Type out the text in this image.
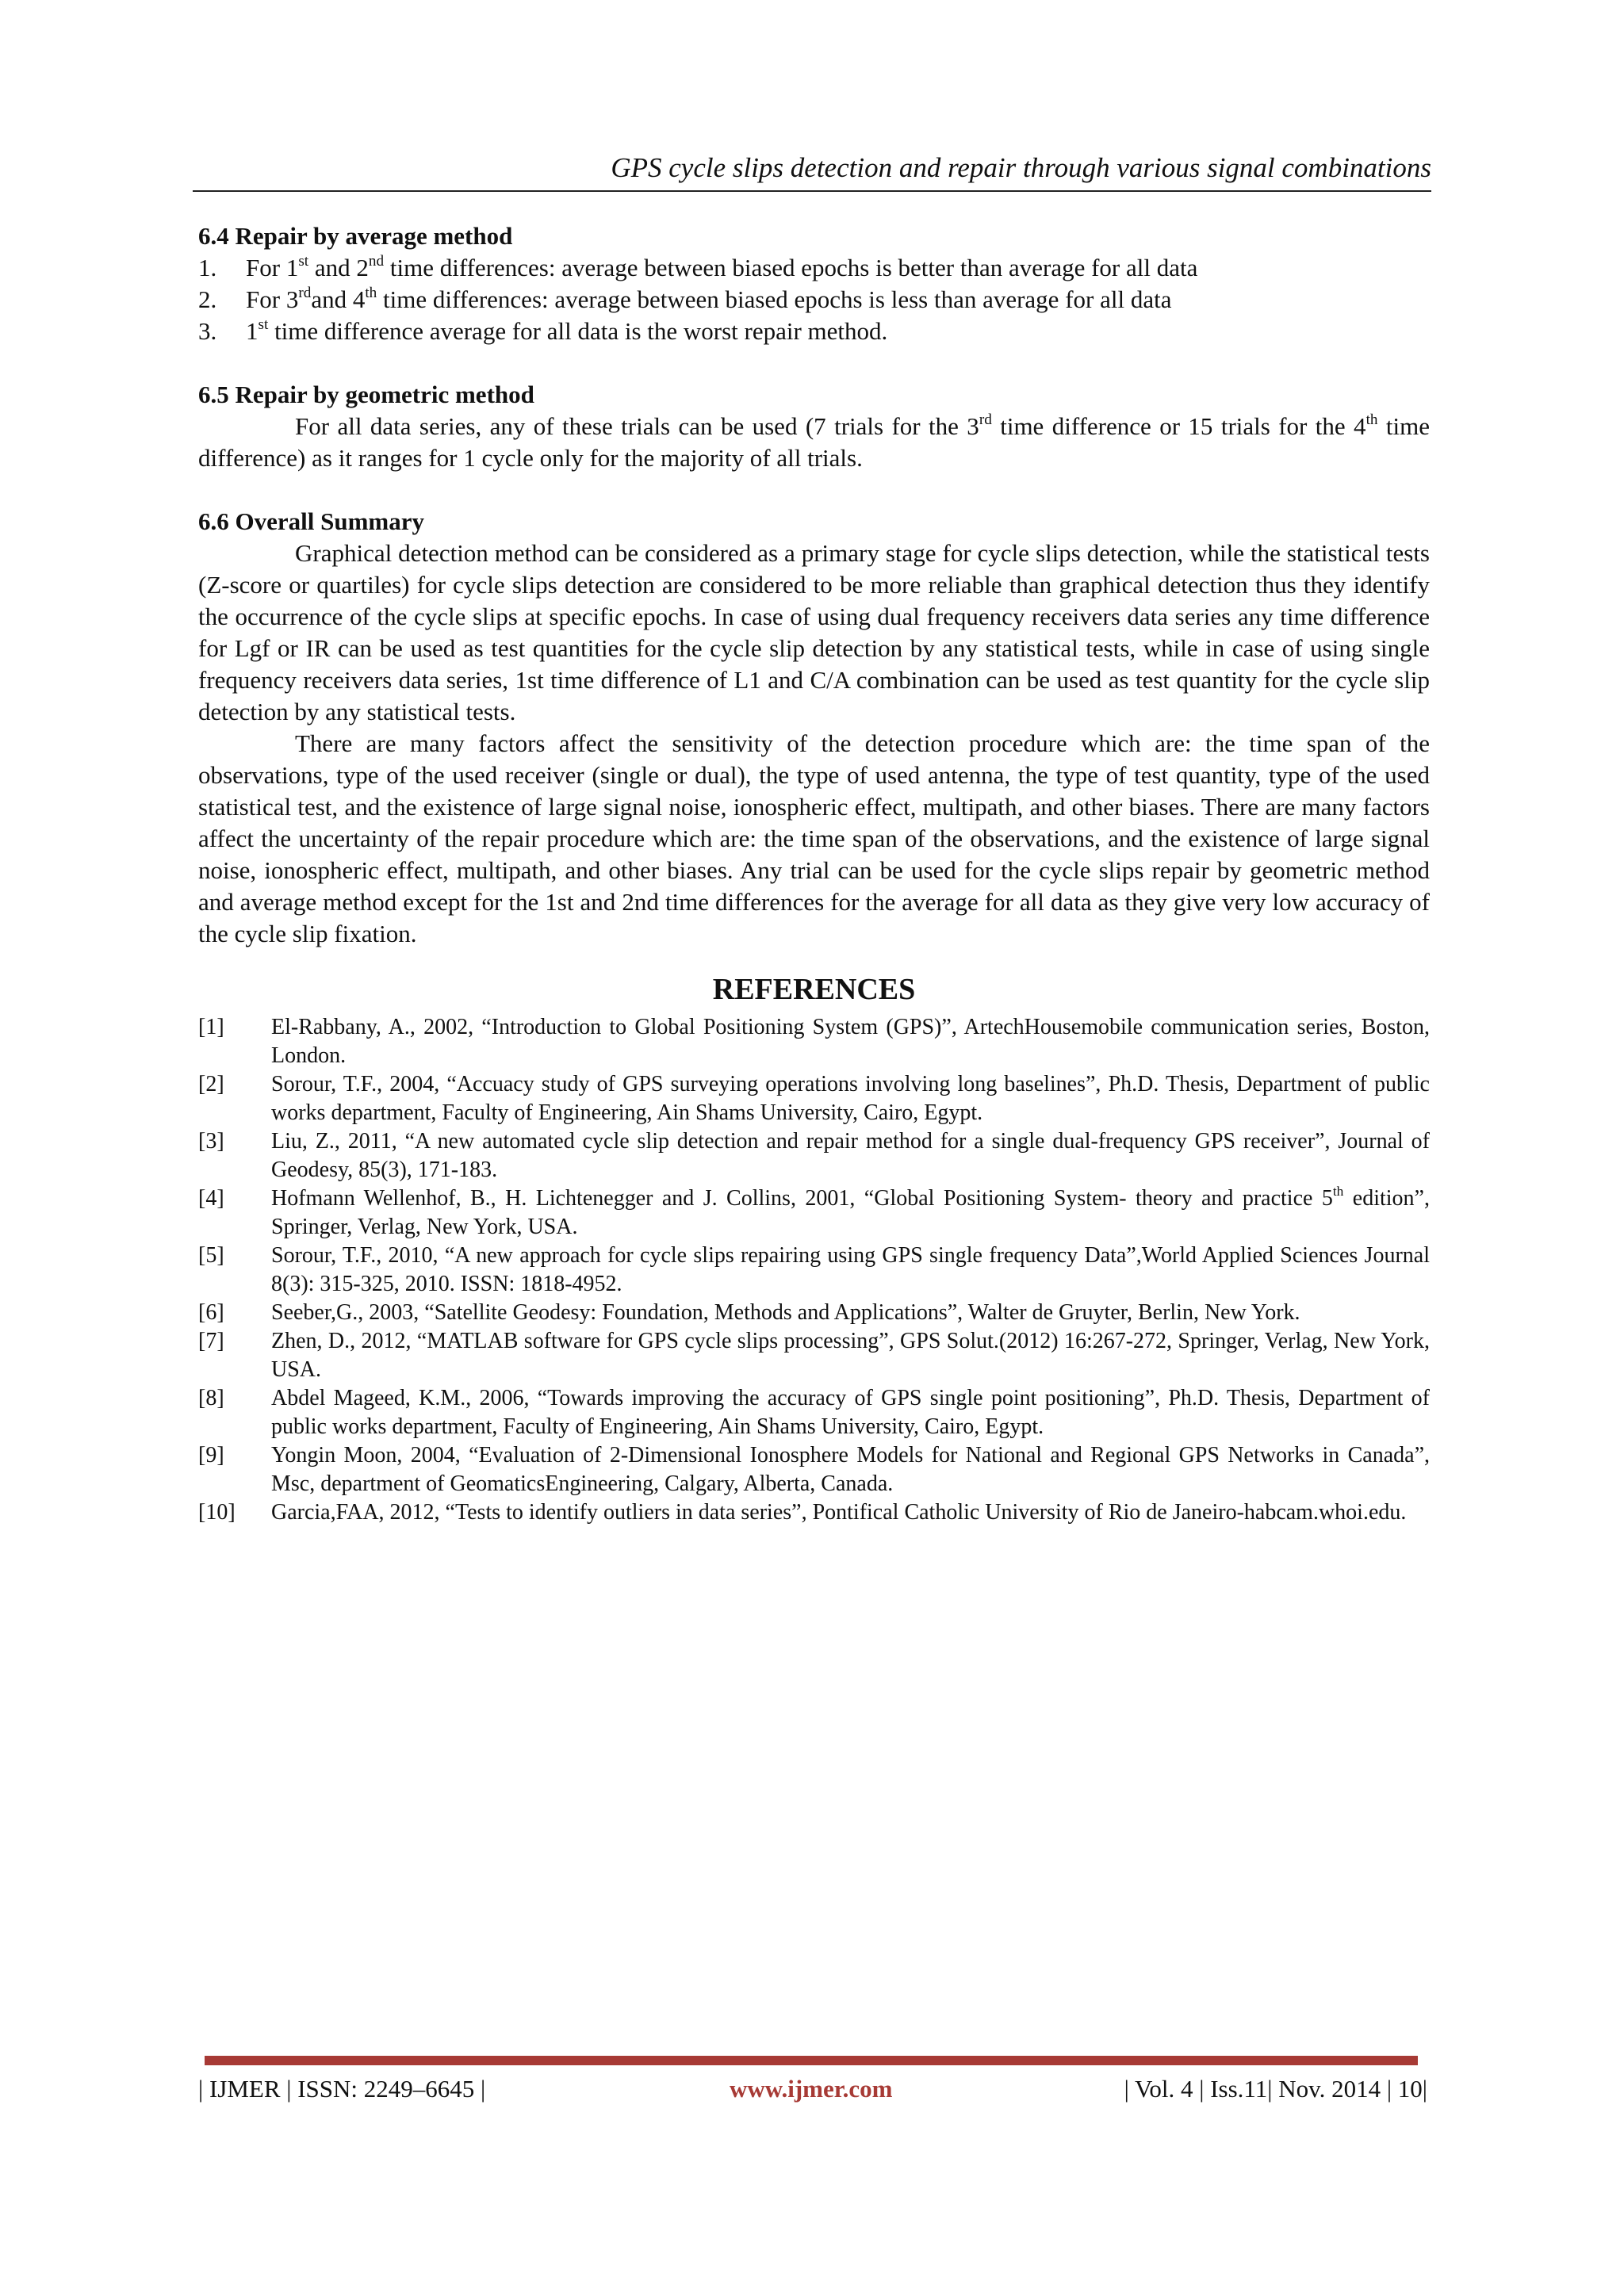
GPS cycle slips detection and repair through various signal combinations

6.4 Repair by average method

1.	For 1st and 2nd time differences: average between biased epochs is better than average for all data
2.	For 3rdand 4th time differences: average between biased epochs is less than average for all data
3.	1st time difference average for all data is the worst repair method.

6.5 Repair by geometric method

For all data series, any of these trials can be used (7 trials for the 3rd time difference or 15 trials for the 4th time difference) as it ranges for 1 cycle only for the majority of all trials.

6.6 Overall Summary

Graphical detection method can be considered as a primary stage for cycle slips detection, while the statistical tests (Z-score or quartiles) for cycle slips detection are considered to be more reliable than graphical detection thus they identify the occurrence of the cycle slips at specific epochs. In case of using dual frequency receivers data series any time difference for Lgf or IR can be used as test quantities for the cycle slip detection by any statistical tests, while in case of using single frequency receivers data series, 1st time difference of L1 and C/A combination can be used as test quantity for the cycle slip detection by any statistical tests.

There are many factors affect the sensitivity of the detection procedure which are: the time span of the observations, type of the used receiver (single or dual), the type of used antenna, the type of test quantity, type of the used statistical test, and the existence of large signal noise, ionospheric effect, multipath, and other biases. There are many factors affect the uncertainty of the repair procedure which are: the time span of the observations, and the existence of large signal noise, ionospheric effect, multipath, and other biases. Any trial can be used for the cycle slips repair by geometric method and average method except for the 1st and 2nd time differences for the average for all data as they give very low accuracy of the cycle slip fixation.

REFERENCES
[1]	El-Rabbany, A., 2002, “Introduction to Global Positioning System (GPS)”, ArtechHousemobile communication series, Boston, London.
[2]	Sorour, T.F., 2004, “Accuacy study of GPS surveying operations involving long baselines”, Ph.D. Thesis, Department of public works department, Faculty of Engineering, Ain Shams University, Cairo, Egypt.
[3]	Liu, Z., 2011, “A new automated cycle slip detection and repair method for a single dual-frequency GPS receiver”, Journal of Geodesy, 85(3), 171-183.
[4]	Hofmann Wellenhof, B., H. Lichtenegger and J. Collins, 2001, “Global Positioning System- theory and practice 5th edition”, Springer, Verlag, New York, USA.
[5]	Sorour, T.F., 2010, “A new approach for cycle slips repairing using GPS single frequency Data”,World Applied Sciences Journal 8(3): 315-325, 2010. ISSN: 1818-4952.
[6]	Seeber,G., 2003, “Satellite Geodesy: Foundation, Methods and Applications”, Walter de Gruyter, Berlin, New York.
[7]	Zhen, D., 2012, “MATLAB software for GPS cycle slips processing”, GPS Solut.(2012) 16:267-272, Springer, Verlag, New York, USA.
[8]	Abdel Mageed, K.M., 2006, “Towards improving the accuracy of GPS single point positioning”, Ph.D. Thesis, Department of public works department, Faculty of Engineering, Ain Shams University, Cairo, Egypt.
[9]	Yongin Moon, 2004, “Evaluation of 2-Dimensional Ionosphere Models for National and Regional GPS Networks in Canada”, Msc, department of GeomaticsEngineering, Calgary, Alberta, Canada.
[10]	Garcia,FAA, 2012, “Tests to identify outliers in data series”, Pontifical Catholic University of Rio de Janeiro-habcam.whoi.edu.
| IJMER | ISSN: 2249–6645 |	www.ijmer.com	| Vol. 4 | Iss.11| Nov. 2014 | 10|
